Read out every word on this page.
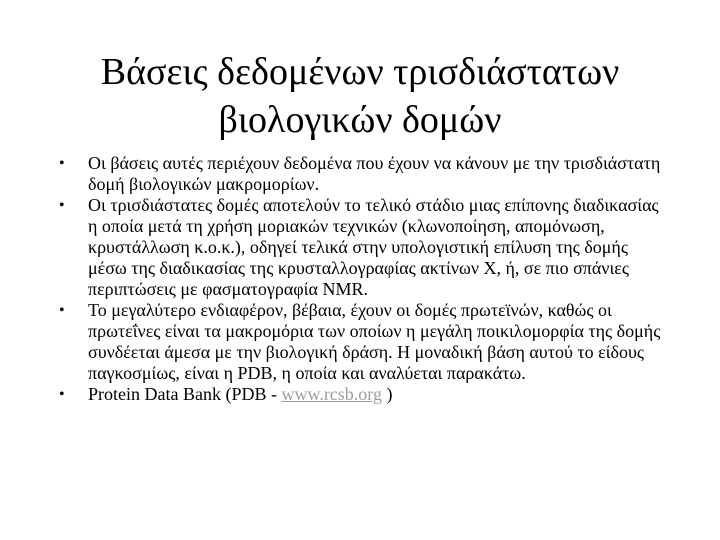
Βάσεις δεδομένων τρισδιάστατων
βιολογικών δομών
• Οι βάσεις αυτές περιέχουν δεδομένα που έχουν να κάνουν με την τρισδιάστατη δομή βιολογικών μακρομορίων.
• Οι τρισδιάστατες δομές αποτελούν το τελικό στάδιο μιας επίπονης διαδικασίας η οποία μετά τη χρήση μοριακών τεχνικών (κλωνοποίηση, απομόνωση, κρυστάλλωση κ.ο.κ.), οδηγεί τελικά στην υπολογιστική επίλυση της δομής μέσω της διαδικασίας της κρυσταλλογραφίας ακτίνων Χ, ή, σε πιο σπάνιες περιπτώσεις με φασματογραφία NMR.
• Το μεγαλύτερο ενδιαφέρον, βέβαια, έχουν οι δομές πρωτεϊνών, καθώς οι πρωτεΐνες είναι τα μακρομόρια των οποίων η μεγάλη ποικιλομορφία της δομής συνδέεται άμεσα με την βιολογική δράση. Η μοναδική βάση αυτού το είδους παγκοσμίως, είναι η PDB, η οποία και αναλύεται παρακάτω.
• Protein Data Bank (PDB - www.rcsb.org )
